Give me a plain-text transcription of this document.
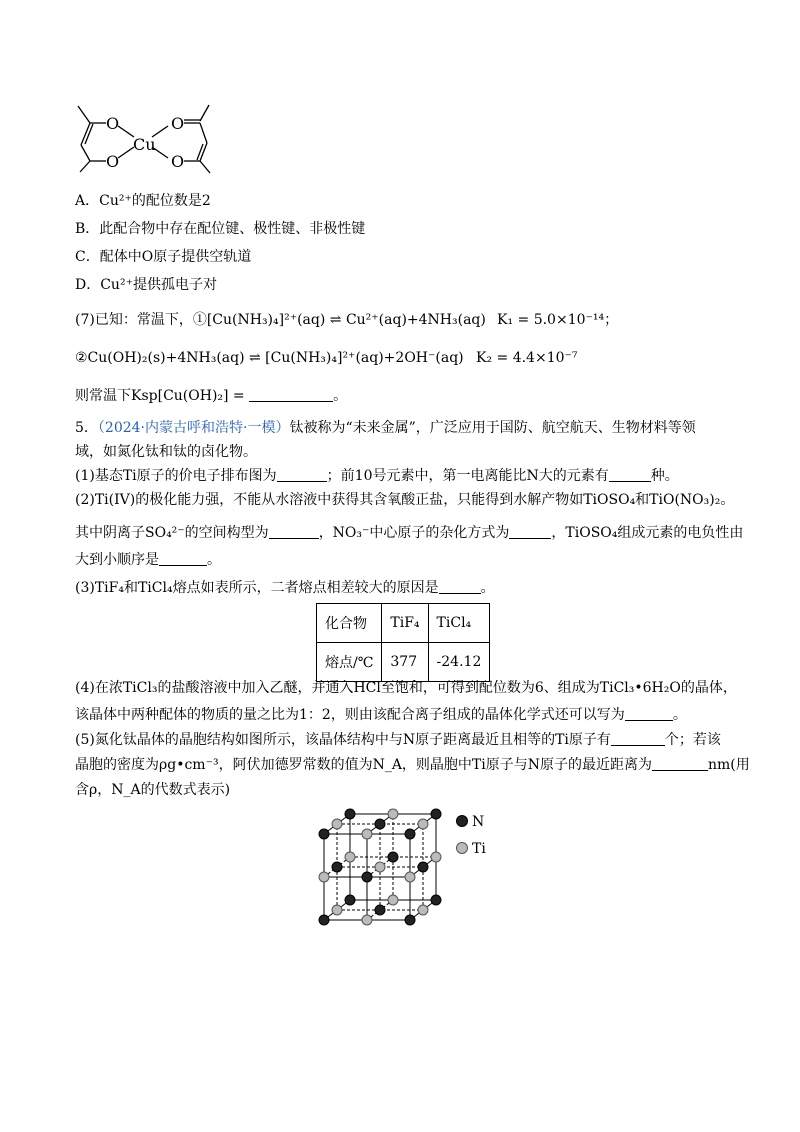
O
O
O
O
Cu
A．Cu²⁺的配位数是2
B．此配合物中存在配位键、极性键、非极性键
C．配体中O原子提供空轨道
D．Cu²⁺提供孤电子对
(7)已知：常温下，①[Cu(NH₃)₄]²⁺(aq) ⇌ Cu²⁺(aq)+4NH₃(aq) K₁ = 5.0×10⁻¹⁴；
②Cu(OH)₂(s)+4NH₃(aq) ⇌ [Cu(NH₃)₄]²⁺(aq)+2OH⁻(aq) K₂ = 4.4×10⁻⁷
则常温下Ksp[Cu(OH)₂] =	。
5．（2024·内蒙古呼和浩特·一模）钛被称为“未来金属”，广泛应用于国防、航空航天、生物材料等领
域，如氮化钛和钛的卤化物。
(1)基态Ti原子的价电子排布图为	；前10号元素中，第一电离能比N大的元素有	种。
(2)Ti(IV)的极化能力强，不能从水溶液中获得其含氧酸正盐，只能得到水解产物如TiOSO₄和TiO(NO₃)₂。
其中阴离子SO₄²⁻的空间构型为	，NO₃⁻中心原子的杂化方式为	，TiOSO₄组成元素的电负性由
大到小顺序是	。
(3)TiF₄和TiCl₄熔点如表所示，二者熔点相差较大的原因是	。
化合物	TiF₄	TiCl₄
熔点/℃	377	-24.12
(4)在浓TiCl₃的盐酸溶液中加入乙醚，并通入HCl至饱和，可得到配位数为6、组成为TiCl₃•6H₂O的晶体，
该晶体中两种配体的物质的量之比为1：2，则由该配合离子组成的晶体化学式还可以写为	。
(5)氮化钛晶体的晶胞结构如图所示，该晶体结构中与N原子距离最近且相等的Ti原子有	个；若该
晶胞的密度为ρg•cm⁻³，阿伏加德罗常数的值为N_A，则晶胞中Ti原子与N原子的最近距离为	nm(用
含ρ，N_A的代数式表示)
N
Ti
